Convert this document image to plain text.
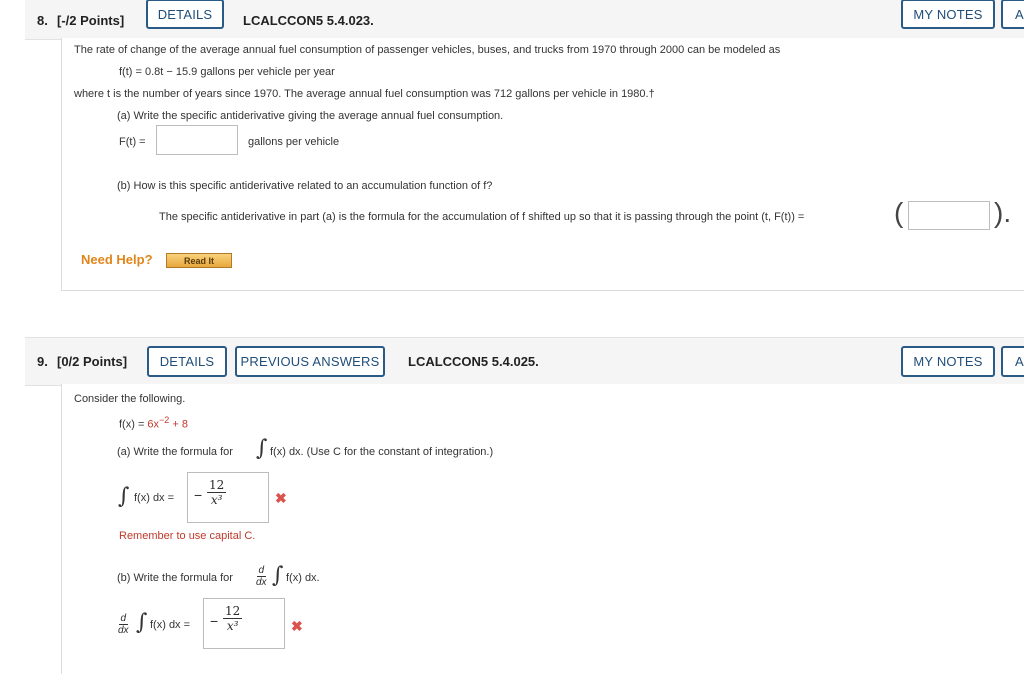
8. [-/2 Points]	DETAILS	LCALCCON5 5.4.023.	MY NOTES	A
The rate of change of the average annual fuel consumption of passenger vehicles, buses, and trucks from 1970 through 2000 can be modeled as
f(t) = 0.8t − 15.9 gallons per vehicle per year
where t is the number of years since 1970. The average annual fuel consumption was 712 gallons per vehicle in 1980.†
(a) Write the specific antiderivative giving the average annual fuel consumption.
F(t) =	gallons per vehicle
(b) How is this specific antiderivative related to an accumulation function of f?
The specific antiderivative in part (a) is the formula for the accumulation of f shifted up so that it is passing through the point (t, F(t)) =	(	).
Need Help?	Read It
9. [0/2 Points]	DETAILS	PREVIOUS ANSWERS	LCALCCON5 5.4.025.	MY NOTES	A
Consider the following.
$f(x) = 6x^{-2} + 8$
(a) Write the formula for ∫ f(x) dx. (Use C for the constant of integration.)
∫ f(x) dx = − $\frac{12}{\text{x³}}$	✖
Remember to use capital C.
(b) Write the formula for $\frac{d}{dx}$ ∫ f(x) dx.
$\frac{d}{dx}$ ∫ f(x) dx = − $\frac{12}{\text{x³}}$	✖
